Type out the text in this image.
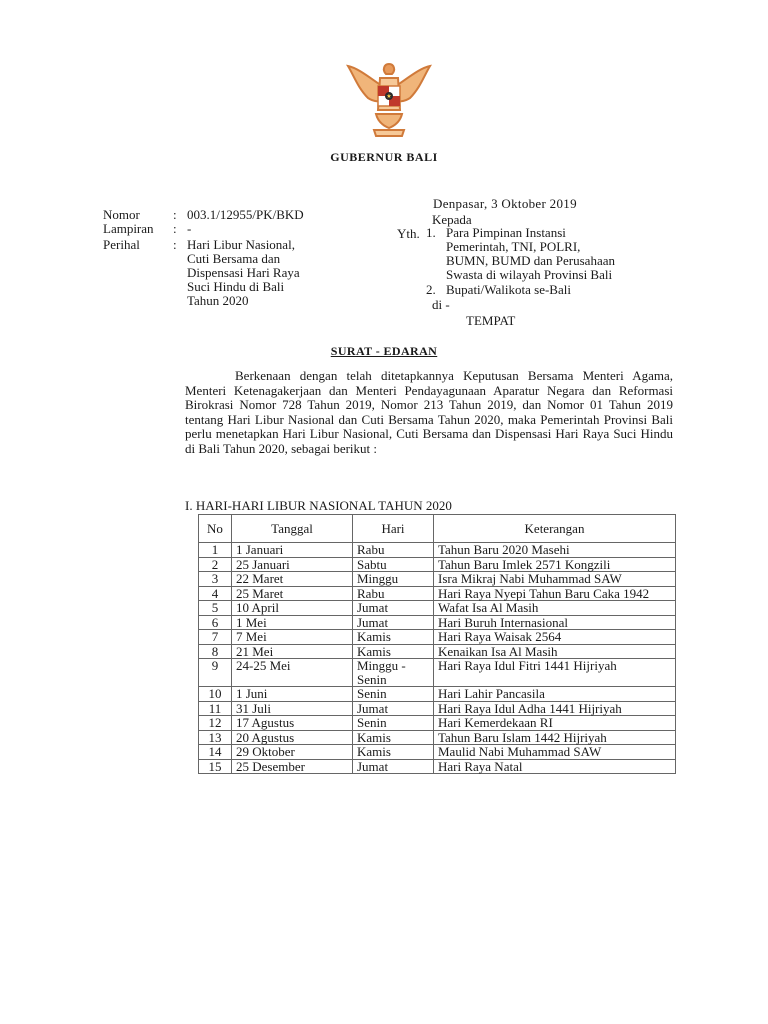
★
GUBERNUR BALI
Denpasar, 3 Oktober 2019
Kepada
Yth. 1. Para Pimpinan Instansi
Pemerintah, TNI, POLRI,
BUMN, BUMD dan Perusahaan
Swasta di wilayah Provinsi Bali
2. Bupati/Walikota se-Bali
di -
TEMPAT
Nomor	: 003.1/12955/PK/BKD
Lampiran : -
Perihal	: Hari Libur Nasional,
Cuti Bersama dan
Dispensasi Hari Raya
Suci Hindu di Bali
Tahun 2020
SURAT - EDARAN
Berkenaan dengan telah ditetapkannya Keputusan Bersama Menteri Agama, Menteri Ketenagakerjaan dan Menteri Pendayagunaan Aparatur Negara dan Reformasi Birokrasi Nomor 728 Tahun 2019, Nomor 213 Tahun 2019, dan Nomor 01 Tahun 2019 tentang Hari Libur Nasional dan Cuti Bersama Tahun 2020, maka Pemerintah Provinsi Bali perlu menetapkan Hari Libur Nasional, Cuti Bersama dan Dispensasi Hari Raya Suci Hindu di Bali Tahun 2020, sebagai berikut :
I. HARI-HARI LIBUR NASIONAL TAHUN 2020
No	Tanggal	Hari	Keterangan
1	1 Januari	Rabu	Tahun Baru 2020 Masehi
2	25 Januari	Sabtu	Tahun Baru Imlek 2571 Kongzili
3	22 Maret	Minggu	Isra Mikraj Nabi Muhammad SAW
4	25 Maret	Rabu	Hari Raya Nyepi Tahun Baru Caka 1942
5	10 April	Jumat	Wafat Isa Al Masih
6	1 Mei	Jumat	Hari Buruh Internasional
7	7 Mei	Kamis	Hari Raya Waisak 2564
8	21 Mei	Kamis	Kenaikan Isa Al Masih
9	24-25 Mei	Minggu - Senin	Hari Raya Idul Fitri 1441 Hijriyah
10	1 Juni	Senin	Hari Lahir Pancasila
11	31 Juli	Jumat	Hari Raya Idul Adha 1441 Hijriyah
12	17 Agustus	Senin	Hari Kemerdekaan RI
13	20 Agustus	Kamis	Tahun Baru Islam 1442 Hijriyah
14	29 Oktober	Kamis	Maulid Nabi Muhammad SAW
15	25 Desember	Jumat	Hari Raya Natal
